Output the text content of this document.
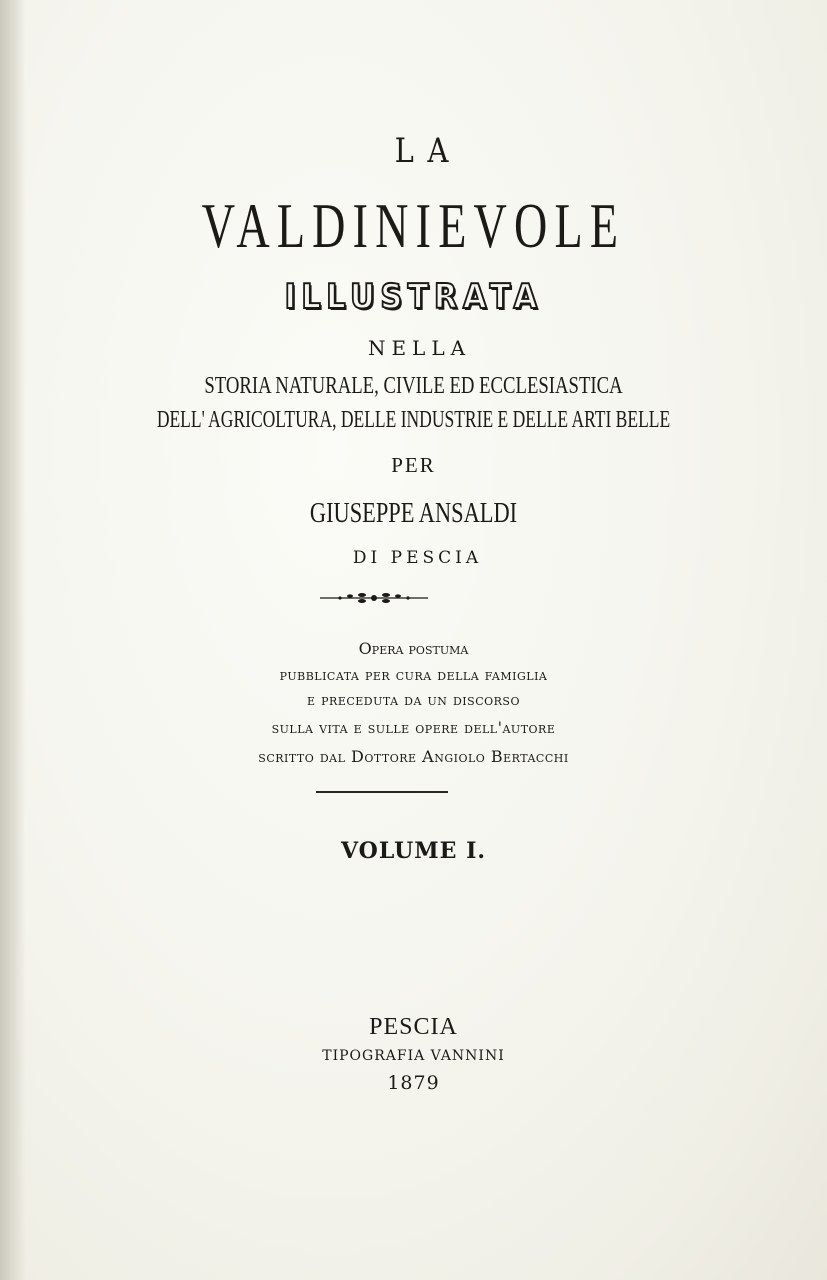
LA
VALDINIEVOLE
ILLUSTRATA
NELLA
STORIA NATURALE, CIVILE ED ECCLESIASTICA
DELL' AGRICOLTURA, DELLE INDUSTRIE E DELLE ARTI BELLE
PER
GIUSEPPE ANSALDI
DI PESCIA
Opera postuma
pubblicata per cura della famiglia
e preceduta da un discorso
sulla vita e sulle opere dell'autore
scritto dal Dottore Angiolo Bertacchi
VOLUME I.
PESCIA
TIPOGRAFIA VANNINI
1879
